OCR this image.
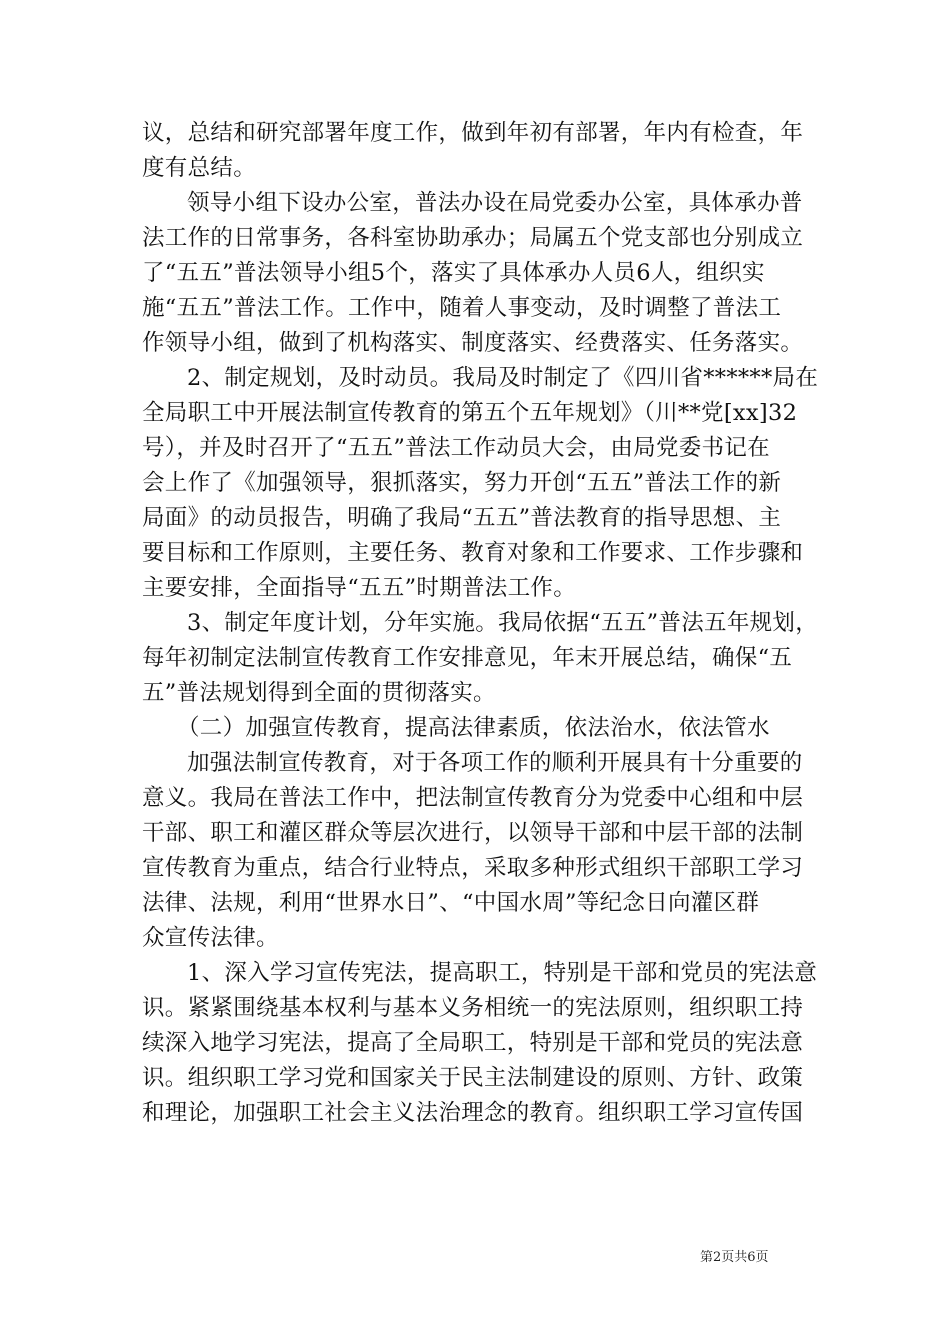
议，总结和研究部署年度工作，做到年初有部署，年内有检查，年
度有总结。
领导小组下设办公室，普法办设在局党委办公室，具体承办普
法工作的日常事务，各科室协助承办；局属五个党支部也分别成立
了“五五”普法领导小组5个，落实了具体承办人员6人，组织实
施“五五”普法工作。工作中，随着人事变动，及时调整了普法工
作领导小组，做到了机构落实、制度落实、经费落实、任务落实。
2、制定规划，及时动员。我局及时制定了《四川省******局在
全局职工中开展法制宣传教育的第五个五年规划》（川**党[xx]32
号），并及时召开了“五五”普法工作动员大会，由局党委书记在
会上作了《加强领导，狠抓落实，努力开创“五五”普法工作的新
局面》的动员报告，明确了我局“五五”普法教育的指导思想、主
要目标和工作原则，主要任务、教育对象和工作要求、工作步骤和
主要安排，全面指导“五五”时期普法工作。
3、制定年度计划，分年实施。我局依据“五五”普法五年规划，
每年初制定法制宣传教育工作安排意见，年末开展总结，确保“五
五”普法规划得到全面的贯彻落实。
（二）加强宣传教育，提高法律素质，依法治水，依法管水
加强法制宣传教育，对于各项工作的顺利开展具有十分重要的
意义。我局在普法工作中，把法制宣传教育分为党委中心组和中层
干部、职工和灌区群众等层次进行，以领导干部和中层干部的法制
宣传教育为重点，结合行业特点，采取多种形式组织干部职工学习
法律、法规，利用“世界水日”、“中国水周”等纪念日向灌区群
众宣传法律。
1、深入学习宣传宪法，提高职工，特别是干部和党员的宪法意
识。紧紧围绕基本权利与基本义务相统一的宪法原则，组织职工持
续深入地学习宪法，提高了全局职工，特别是干部和党员的宪法意
识。组织职工学习党和国家关于民主法制建设的原则、方针、政策
和理论，加强职工社会主义法治理念的教育。组织职工学习宣传国
第2页共6页
